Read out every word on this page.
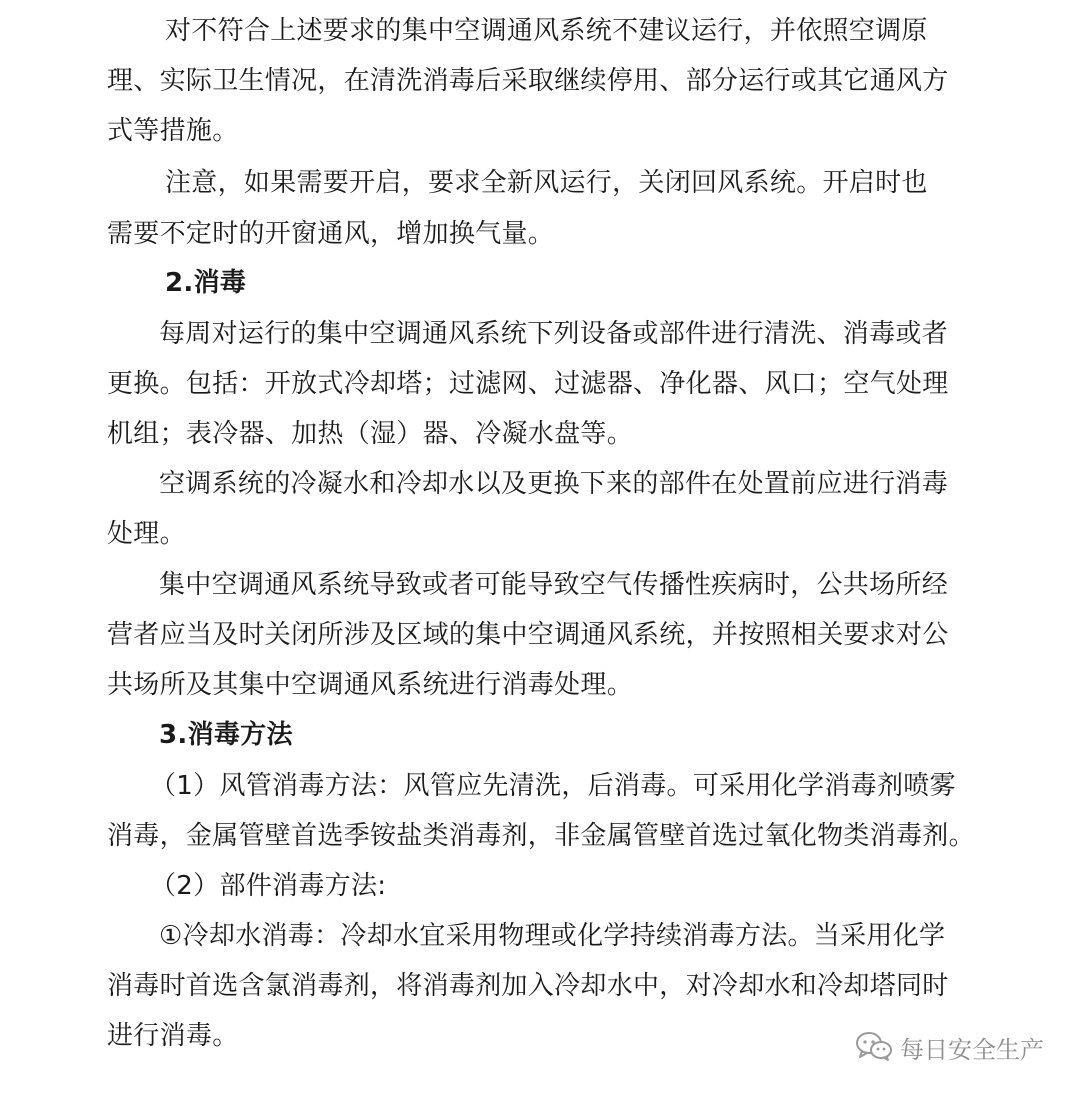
对不符合上述要求的集中空调通风系统不建议运行，并依照空调原
理、实际卫生情况，在清洗消毒后采取继续停用、部分运行或其它通风方
式等措施。
注意，如果需要开启，要求全新风运行，关闭回风系统。开启时也
需要不定时的开窗通风，增加换气量。
2.消毒
每周对运行的集中空调通风系统下列设备或部件进行清洗、消毒或者
更换。包括：开放式冷却塔；过滤网、过滤器、净化器、风口；空气处理
机组；表冷器、加热（湿）器、冷凝水盘等。
空调系统的冷凝水和冷却水以及更换下来的部件在处置前应进行消毒
处理。
集中空调通风系统导致或者可能导致空气传播性疾病时，公共场所经
营者应当及时关闭所涉及区域的集中空调通风系统，并按照相关要求对公
共场所及其集中空调通风系统进行消毒处理。
3.消毒方法
（1）风管消毒方法：风管应先清洗，后消毒。可采用化学消毒剂喷雾
消毒，金属管壁首选季铵盐类消毒剂，非金属管壁首选过氧化物类消毒剂。
（2）部件消毒方法:
①冷却水消毒：冷却水宜采用物理或化学持续消毒方法。当采用化学
消毒时首选含氯消毒剂，将消毒剂加入冷却水中，对冷却水和冷却塔同时
进行消毒。	每日安全生产
